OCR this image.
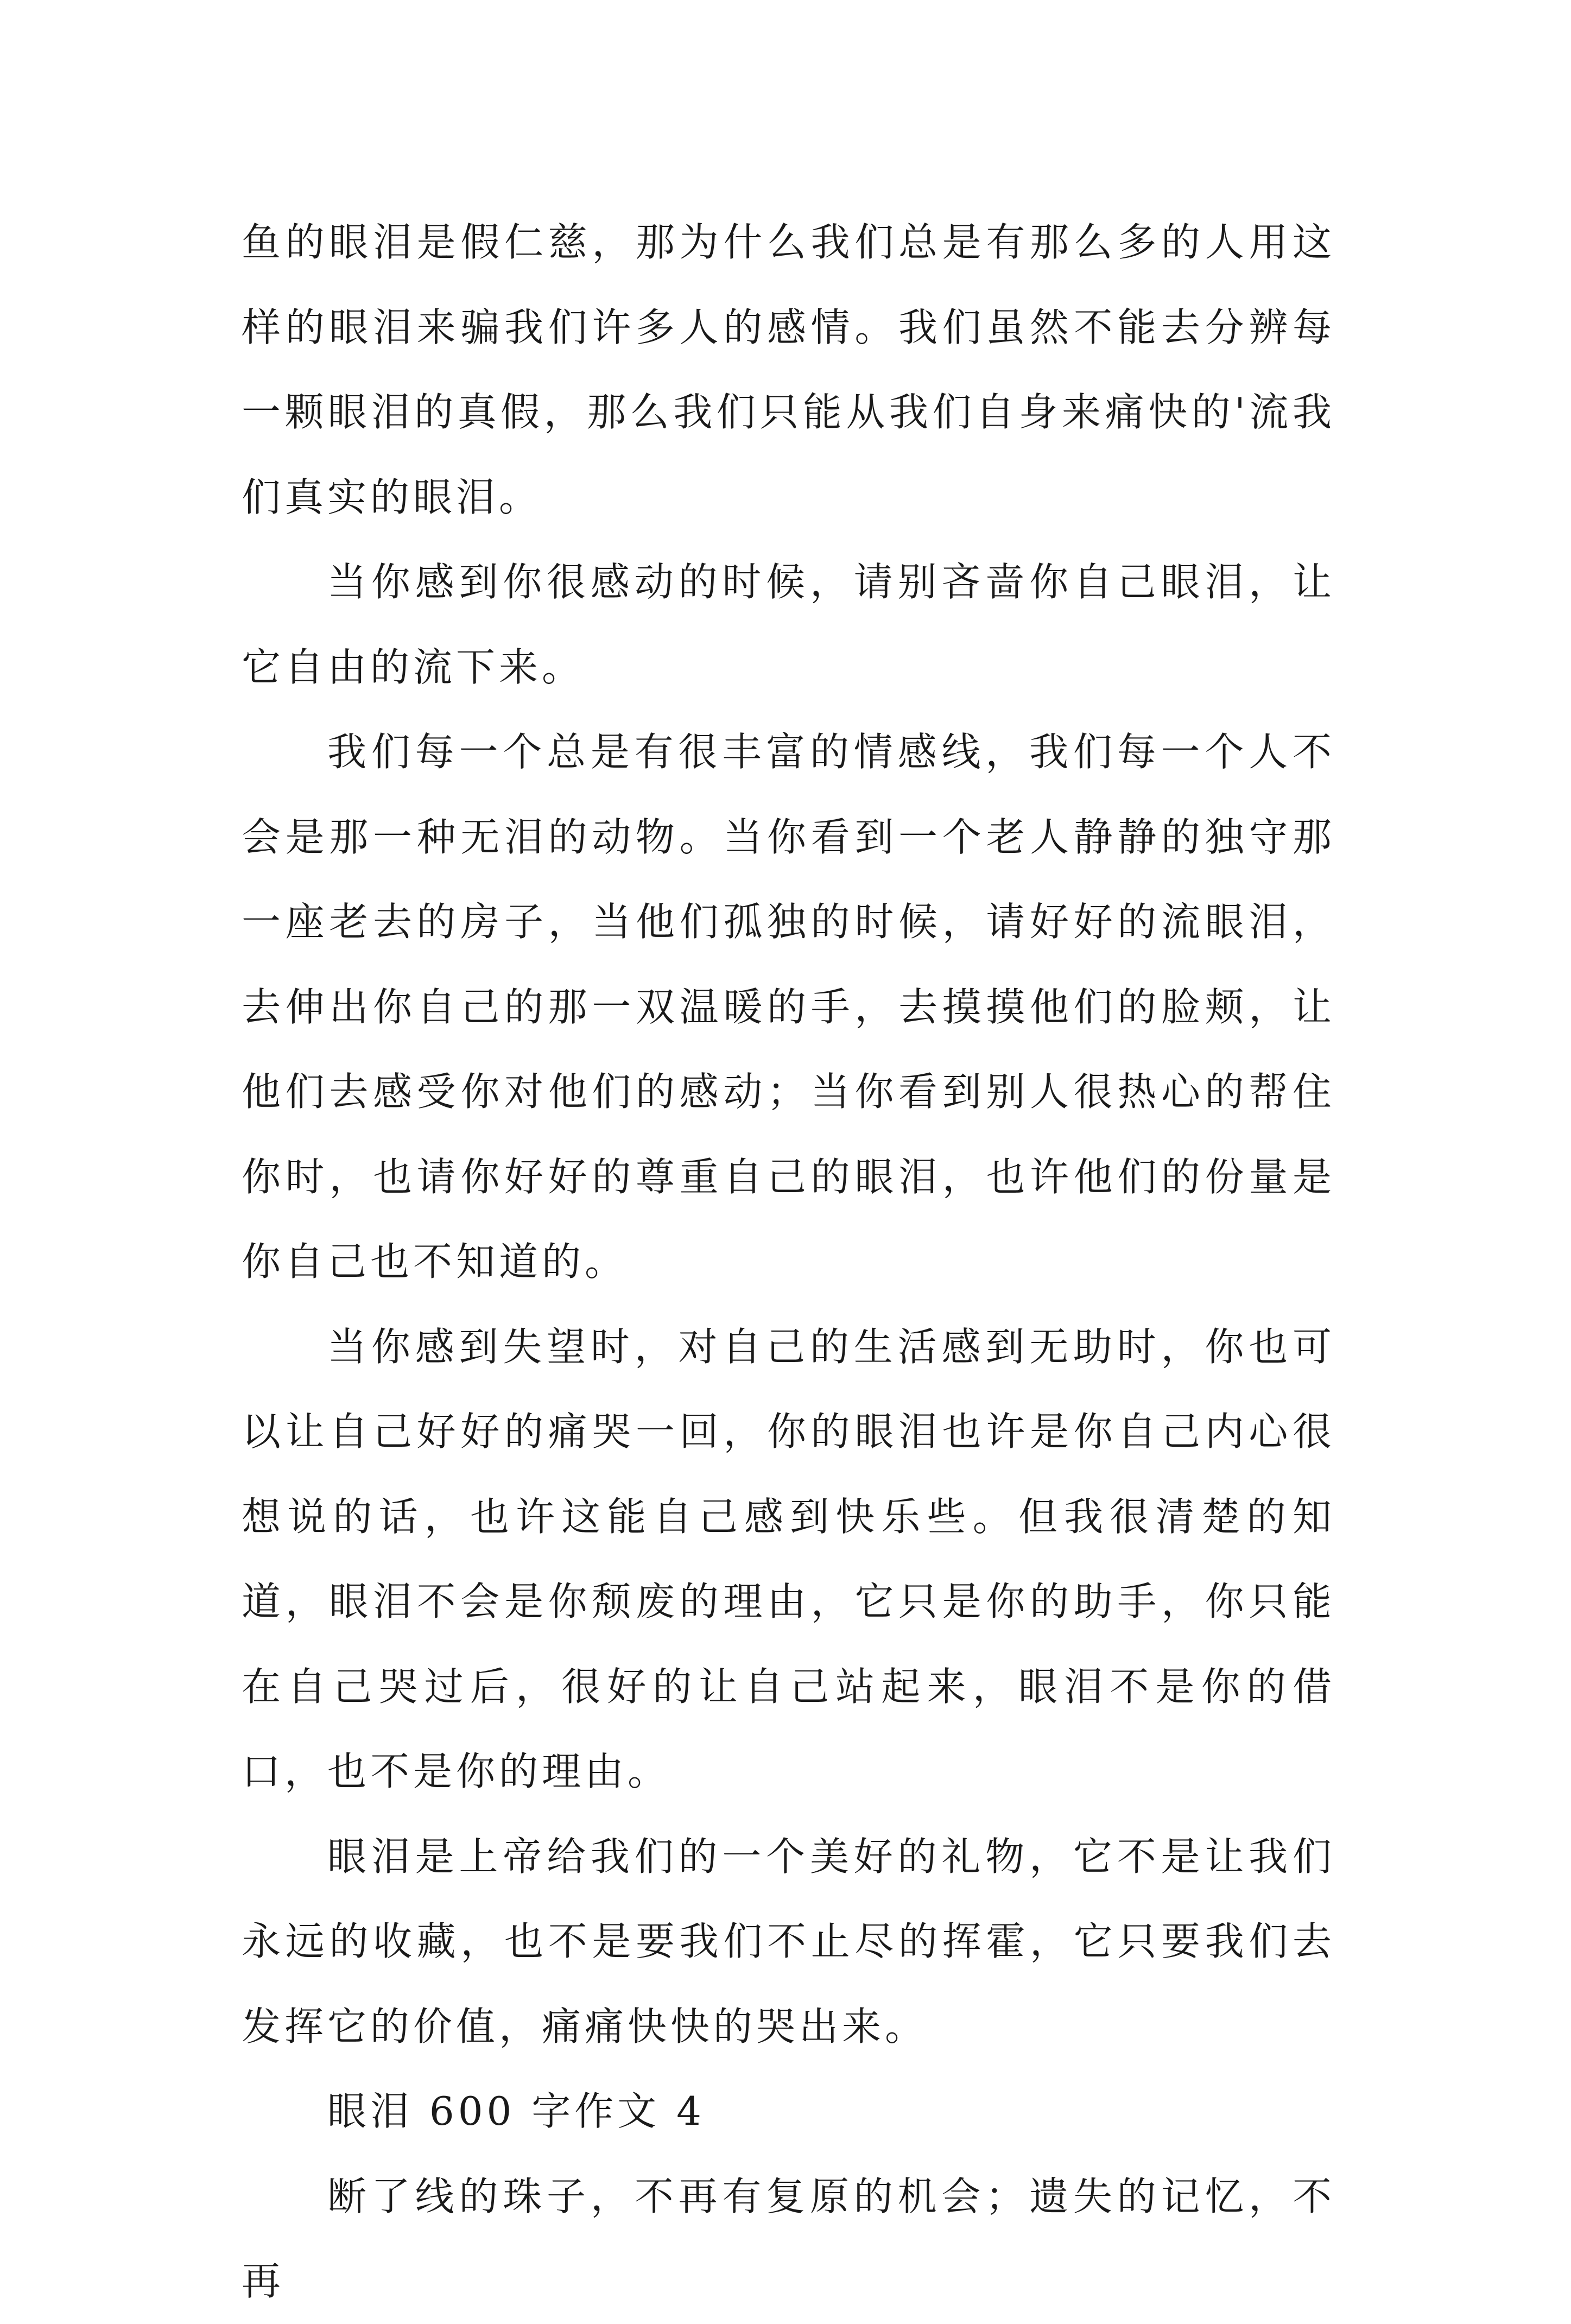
鱼的眼泪是假仁慈，那为什么我们总是有那么多的人用这样的眼泪来骗我们许多人的感情。我们虽然不能去分辨每一颗眼泪的真假，那么我们只能从我们自身来痛快的'流我们真实的眼泪。

当你感到你很感动的时候，请别吝啬你自己眼泪，让它自由的流下来。

我们每一个总是有很丰富的情感线，我们每一个人不会是那一种无泪的动物。当你看到一个老人静静的独守那一座老去的房子，当他们孤独的时候，请好好的流眼泪，去伸出你自己的那一双温暖的手，去摸摸他们的脸颊，让他们去感受你对他们的感动；当你看到别人很热心的帮住你时，也请你好好的尊重自己的眼泪，也许他们的份量是你自己也不知道的。

当你感到失望时，对自己的生活感到无助时，你也可以让自己好好的痛哭一回，你的眼泪也许是你自己内心很想说的话，也许这能自己感到快乐些。但我很清楚的知道，眼泪不会是你颓废的理由，它只是你的助手，你只能在自己哭过后，很好的让自己站起来，眼泪不是你的借口，也不是你的理由。

眼泪是上帝给我们的一个美好的礼物，它不是让我们永远的收藏，也不是要我们不止尽的挥霍，它只要我们去发挥它的价值，痛痛快快的哭出来。

眼泪 600 字作文 4

断了线的珠子，不再有复原的机会；遗失的记忆，不再
